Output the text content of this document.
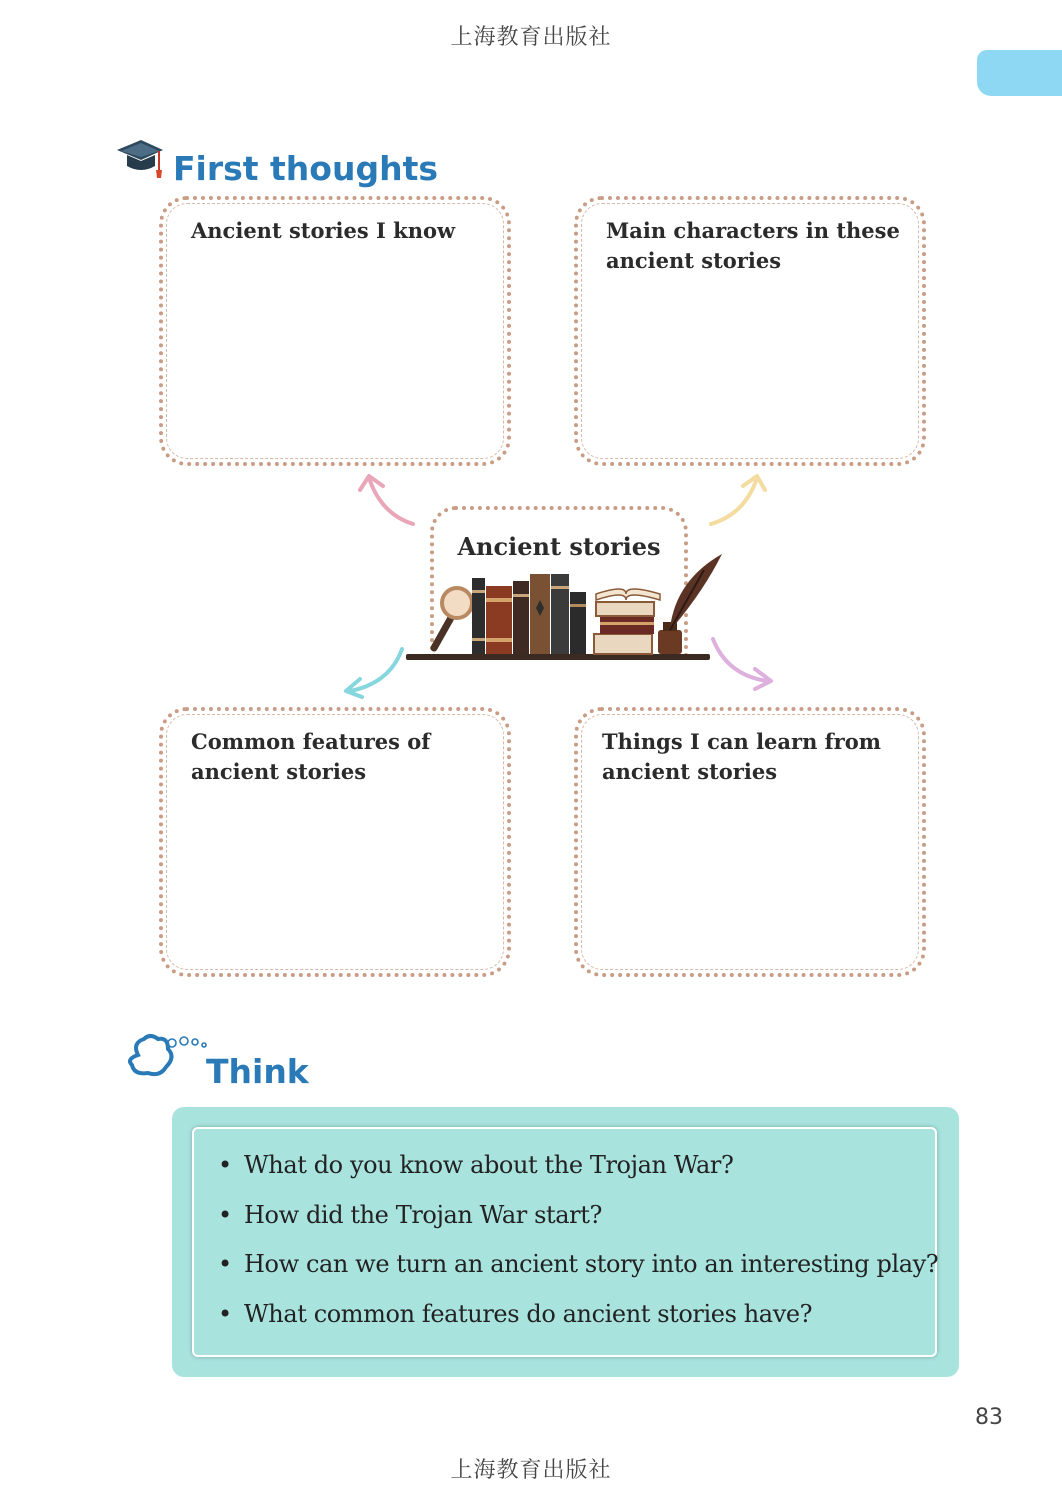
上海教育出版社
First thoughts
Ancient stories I know	Main characters in these ancient stories
Common features of ancient stories
Things I can learn from ancient stories
Ancient stories
Think
• What do you know about the Trojan War?
• How did the Trojan War start?
• How can we turn an ancient story into an interesting play?
• What common features do ancient stories have?
83
上海教育出版社
